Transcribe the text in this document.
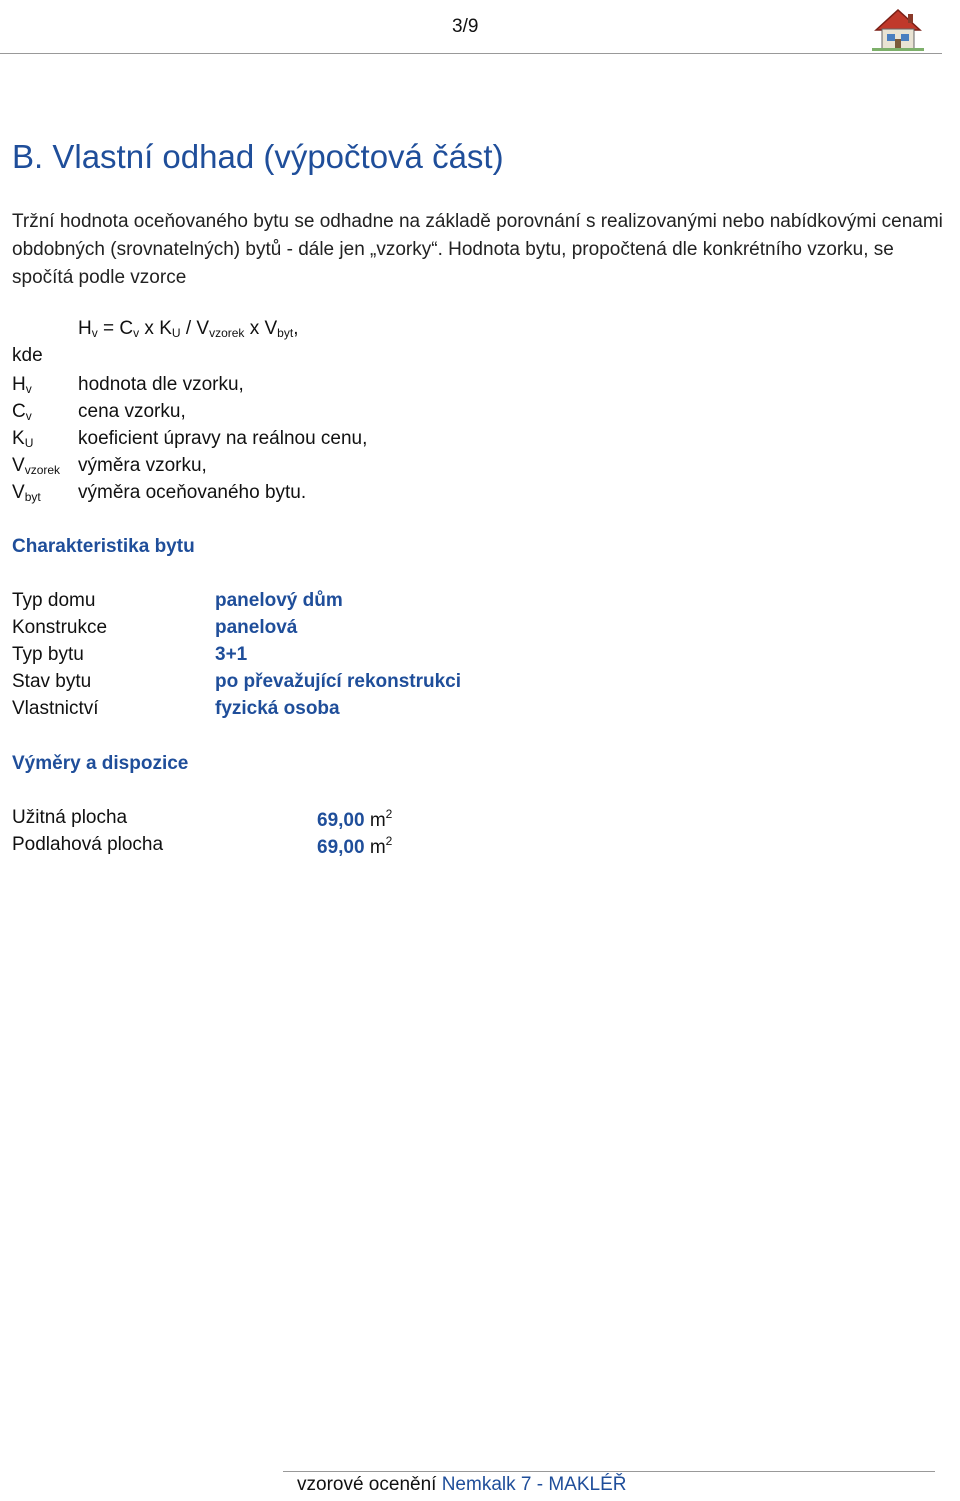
3/9
B. Vlastní odhad (výpočtová část)
Tržní hodnota oceňovaného bytu se odhadne na základě porovnání s realizovanými nebo nabídkovými cenami obdobných (srovnatelných) bytů - dále jen „vzorky“. Hodnota bytu, propočtená dle konkrétního vzorku, se spočítá podle vzorce
$H_v = C_v$ x $K_U / V_{vzorek}$ x $V_{byt}$,
kde
$H_v$ hodnota dle vzorku,
$C_v$ cena vzorku,
$K_U$ koeficient úpravy na reálnou cenu,
$V_{vzorek}$ výměra vzorku,
$V_{byt}$ výměra oceňovaného bytu.
Charakteristika bytu
Typ domu	panelový dům
Konstrukce	panelová
Typ bytu	3+1
Stav bytu	po převažující rekonstrukci
Vlastnictví	fyzická osoba
Výměry a dispozice
Užitná plocha	69,00 $m^2$
Podlahová plocha	69,00 $m^2$
vzorové ocenění Nemkalk 7 - MAKLÉŘ
